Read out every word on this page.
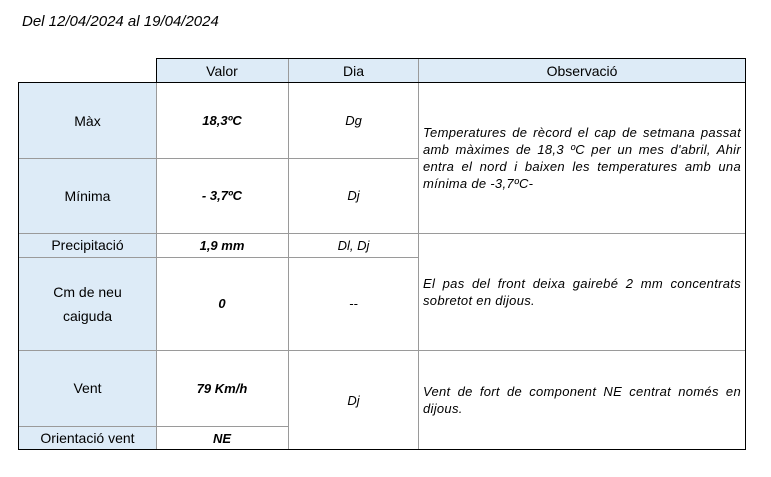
Del 12/04/2024 al 19/04/2024
Valor	Dia	Observació
Màx
Mínima
Precipitació
Cm de neu caiguda
Vent
Orientació vent
18,3ºC
- 3,7ºC
1,9 mm
0
79 Km/h
NE
Dg
Dj
Dl, Dj
--
Dj
Temperatures de rècord el cap de setmana passat amb màximes de 18,3 ºC per un mes d'abril, Ahir entra el nord i baixen les temperatures amb una mínima de -3,7ºC-
El pas del front deixa gairebé 2 mm concentrats sobretot en dijous.
Vent de fort de component NE centrat només en dijous.
